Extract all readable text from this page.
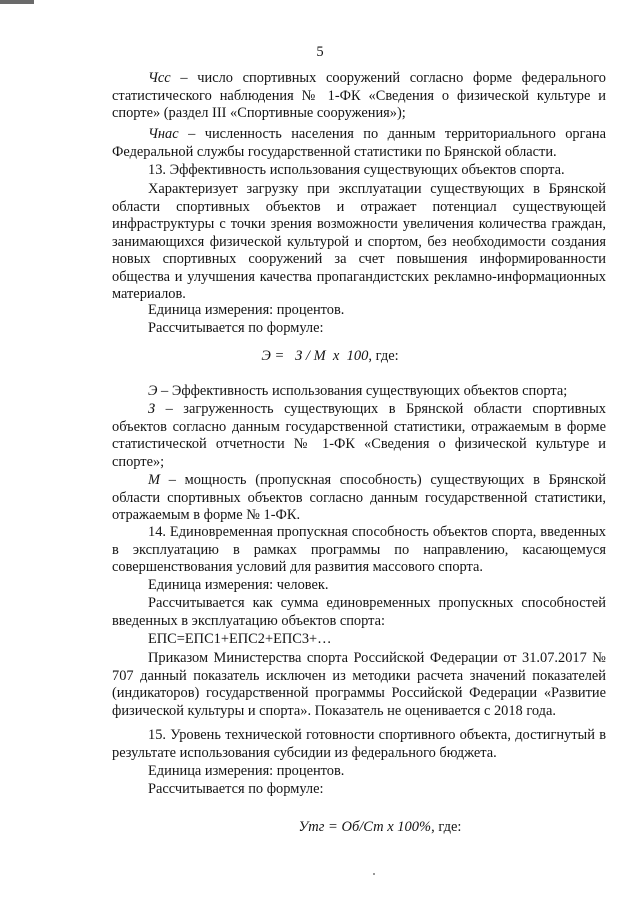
5

Чсс – число спортивных сооружений согласно форме федерального статистического наблюдения № 1-ФК «Сведения о физической культуре и спорте» (раздел III «Спортивные сооружения»);

Чнас – численность населения по данным территориального органа Федеральной службы государственной статистики по Брянской области.

13. Эффективность использования существующих объектов спорта.

Характеризует загрузку при эксплуатации существующих в Брянской области спортивных объектов и отражает потенциал существующей инфраструктуры с точки зрения возможности увеличения количества граждан, занимающихся физической культурой и спортом, без необходимости создания новых спортивных сооружений за счет повышения информированности общества и улучшения качества пропагандистских рекламно-информационных материалов.

Единица измерения: процентов.

Рассчитывается по формуле:

Э =   З / М  х  100, где:

Э – Эффективность использования существующих объектов спорта;

З – загруженность существующих в Брянской области спортивных объектов согласно данным государственной статистики, отражаемым в форме статистической отчетности № 1-ФК «Сведения о физической культуре и спорте»;

М – мощность (пропускная способность) существующих в Брянской области спортивных объектов согласно данным государственной статистики, отражаемым в форме № 1-ФК.

14. Единовременная пропускная способность объектов спорта, введенных в эксплуатацию в рамках программы по направлению, касающемуся совершенствования условий для развития массового спорта.

Единица измерения: человек.

Рассчитывается как сумма единовременных пропускных способностей введенных в эксплуатацию объектов спорта:

ЕПС=ЕПС1+ЕПС2+ЕПС3+…

Приказом Министерства спорта Российской Федерации от 31.07.2017 № 707 данный показатель исключен из методики расчета значений показателей (индикаторов) государственной программы Российской Федерации «Развитие физической культуры и спорта». Показатель не оценивается с 2018 года.

15. Уровень технической готовности спортивного объекта, достигнутый в результате использования субсидии из федерального бюджета.

Единица измерения: процентов.

Рассчитывается по формуле:

Утг = Об/Ст х 100%, где:
